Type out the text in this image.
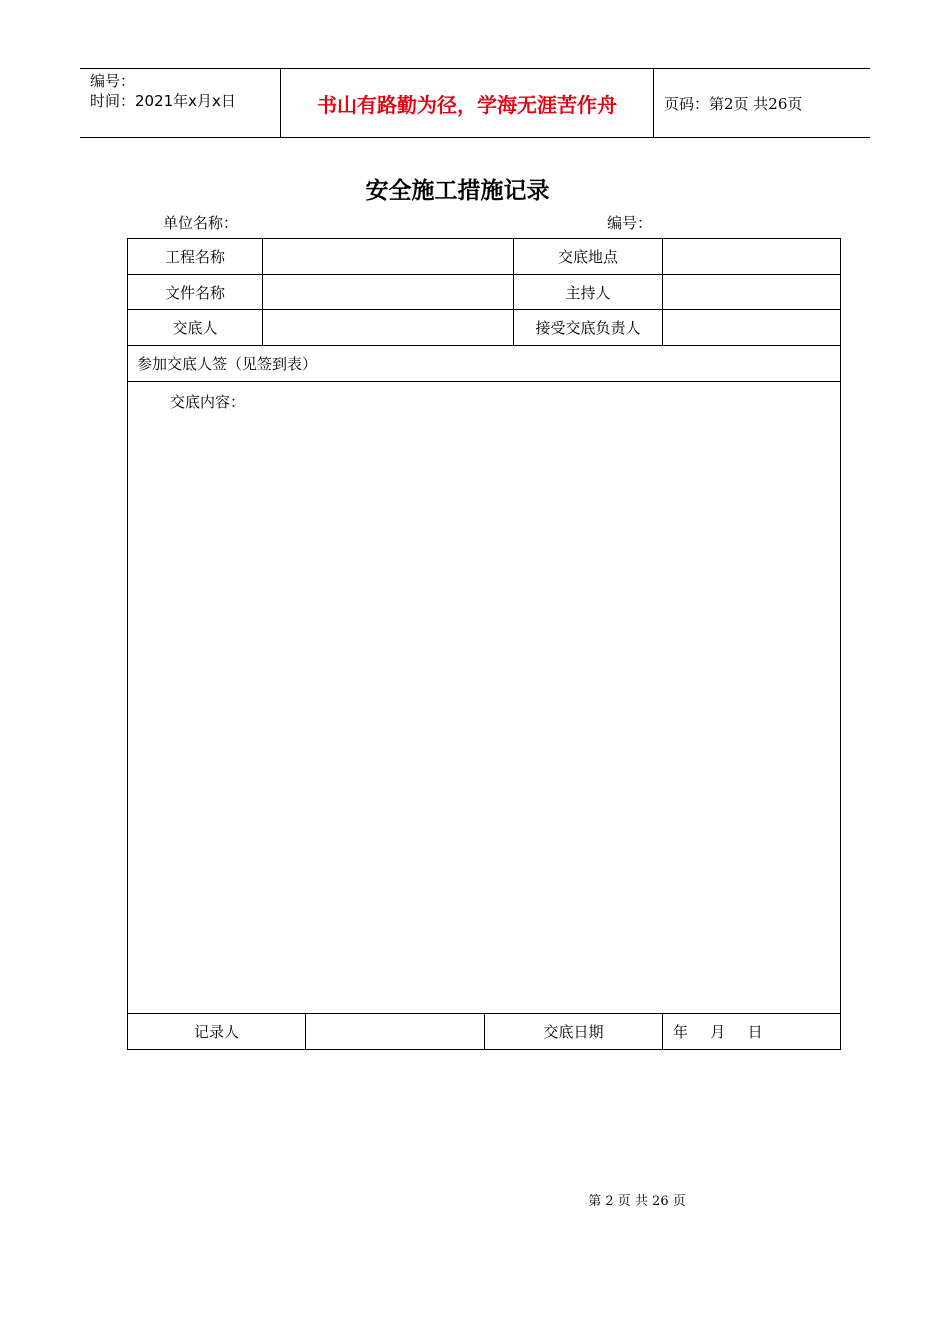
编号：
时间：2021年x月x日	书山有路勤为径，学海无涯苦作舟	页码：第2页 共26页
安全施工措施记录
单位名称：	编号：
工程名称	交底地点
文件名称	主持人
交底人	接受交底负责人
参加交底人签（见签到表）
交底内容：
记录人	交底日期	年   月   日
第 2 页 共 26 页
